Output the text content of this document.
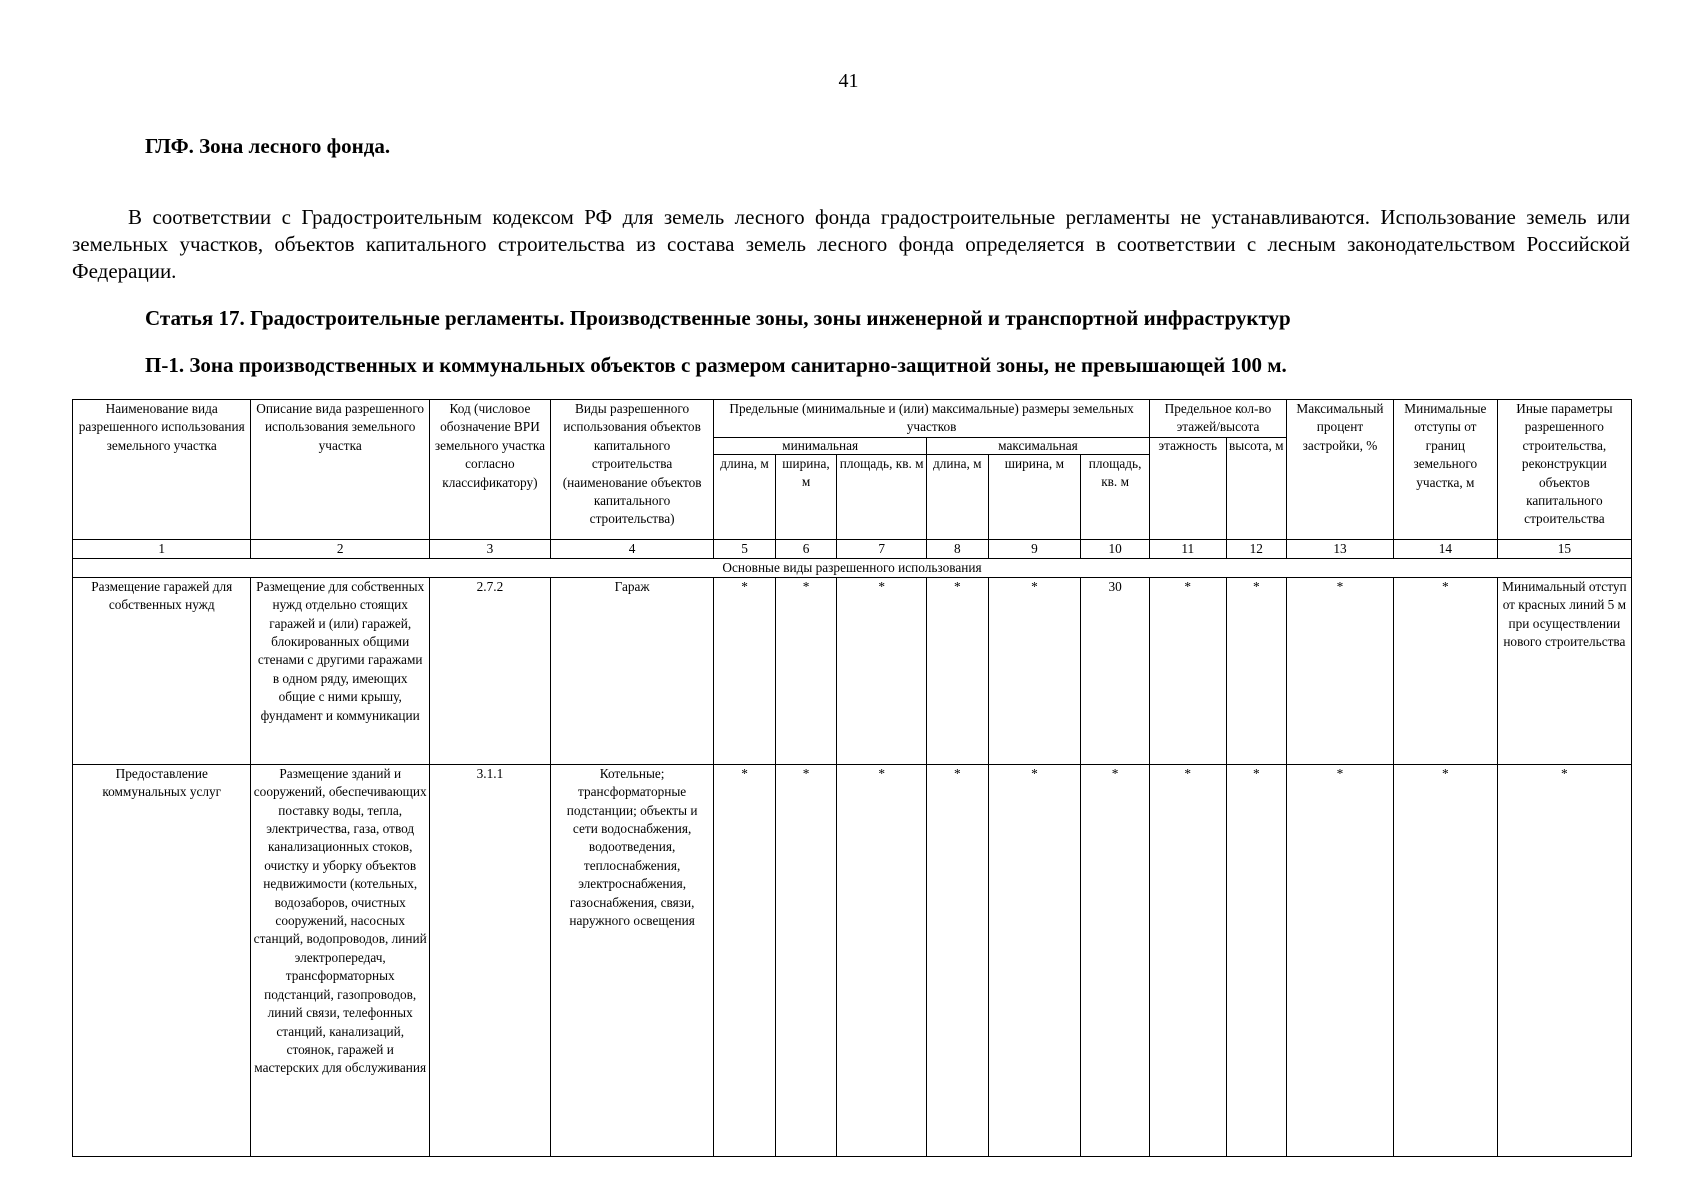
41
ГЛФ. Зона лесного фонда.
В соответствии с Градостроительным кодексом РФ для земель лесного фонда градостроительные регламенты не устанавливаются. Использование земель или земельных участков, объектов капитального строительства из состава земель лесного фонда определяется в соответствии с лесным законодательством Российской Федерации.
Статья 17. Градостроительные регламенты. Производственные зоны, зоны инженерной и транспортной инфраструктур
П-1. Зона производственных и коммунальных объектов с размером санитарно-защитной зоны, не превышающей 100 м.
Наименование вида разрешенного использования земельного участка	Описание вида разрешенного использования земельного участка	Код (числовое обозначение ВРИ земельного участка согласно классификатору)	Виды разрешенного использования объектов капитального строительства (наименование объектов капитального строительства)	Предельные (минимальные и (или) максимальные) размеры земельных участков						Предельное кол-во этажей/высота		Максимальный процент застройки, %	Минимальные отступы от границ земельного участка, м	Иные параметры разрешенного строительства, реконструкции объектов капитального строительства
				минимальная			максимальная			этажность	высота, м			
				длина, м	ширина, м	площадь, кв. м	длина, м	ширина, м	площадь, кв. м					
1	2	3	4	5	6	7	8	9	10	11	12	13	14	15
Основные виды разрешенного использования														
Размещение гаражей для собственных нужд	Размещение для собственных нужд отдельно стоящих гаражей и (или) гаражей, блокированных общими стенами с другими гаражами в одном ряду, имеющих общие с ними крышу, фундамент и коммуникации	2.7.2	Гараж	*	*	*	*	*	30	*	*	*	*	Минимальный отступ от красных линий 5 м при осуществлении нового строительства
Предоставление коммунальных услуг	Размещение зданий и сооружений, обеспечивающих поставку воды, тепла, электричества, газа, отвод канализационных стоков, очистку и уборку объектов недвижимости (котельных, водозаборов, очистных сооружений, насосных станций, водопроводов, линий электропередач, трансформаторных подстанций, газопроводов, линий связи, телефонных станций, канализаций, стоянок, гаражей и мастерских для обслуживания	3.1.1	Котельные; трансформаторные подстанции; объекты и сети водоснабжения, водоотведения, теплоснабжения, электроснабжения, газоснабжения, связи, наружного освещения	*	*	*	*	*	*	*	*	*	*	*
